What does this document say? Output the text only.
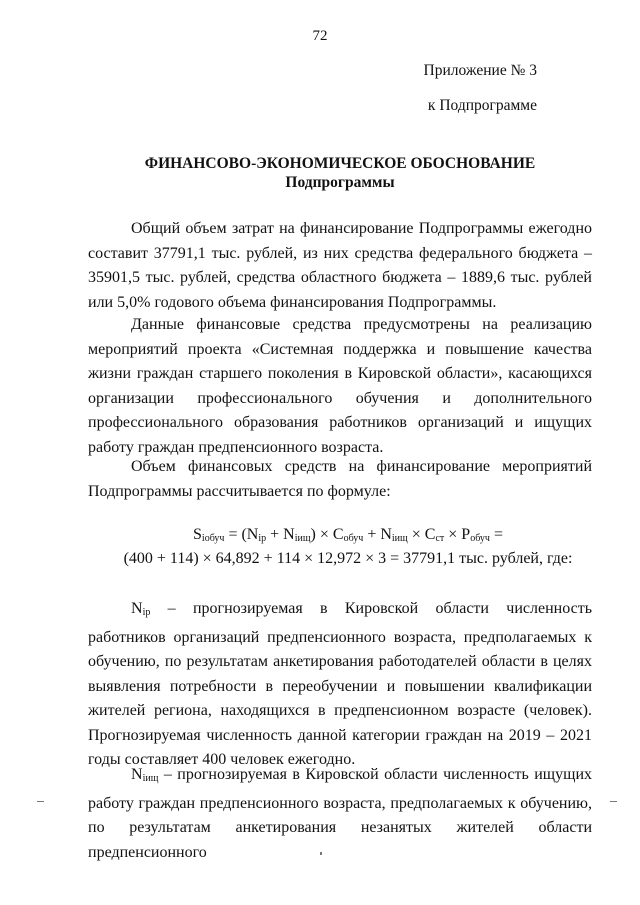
72
Приложение № 3
к Подпрограмме
ФИНАНСОВО-ЭКОНОМИЧЕСКОЕ ОБОСНОВАНИЕ
Подпрограммы

Общий объем затрат на финансирование Подпрограммы ежегодно составит 37791,1 тыс. рублей, из них средства федерального бюджета – 35901,5 тыс. рублей, средства областного бюджета – 1889,6 тыс. рублей или 5,0% годового объема финансирования Подпрограммы.

Данные финансовые средства предусмотрены на реализацию мероприятий проекта «Системная поддержка и повышение качества жизни граждан старшего поколения в Кировской области», касающихся организации профессионального обучения и дополнительного профессионального образования работников организаций и ищущих работу граждан предпенсионного возраста.

Объем финансовых средств на финансирование мероприятий Подпрограммы рассчитывается по формуле:

$S_{iобуч} = (N_{ip} + N_{iищ}) \times C_{обуч} + N_{iищ} \times C_{ст} \times P_{обуч}$ =
(400 + 114) × 64,892 + 114 × 12,972 × 3 = 37791,1 тыс. рублей, где:

$N_{ip}$ – прогнозируемая в Кировской области численность работников организаций предпенсионного возраста, предполагаемых к обучению, по результатам анкетирования работодателей области в целях выявления потребности в переобучении и повышении квалификации жителей региона, находящихся в предпенсионном возрасте (человек). Прогнозируемая численность данной категории граждан на 2019 – 2021 годы составляет 400 человек ежегодно.

$N_{iищ}$ – прогнозируемая в Кировской области численность ищущих работу граждан предпенсионного возраста, предполагаемых к обучению, по результатам анкетирования незанятых жителей области предпенсионного
